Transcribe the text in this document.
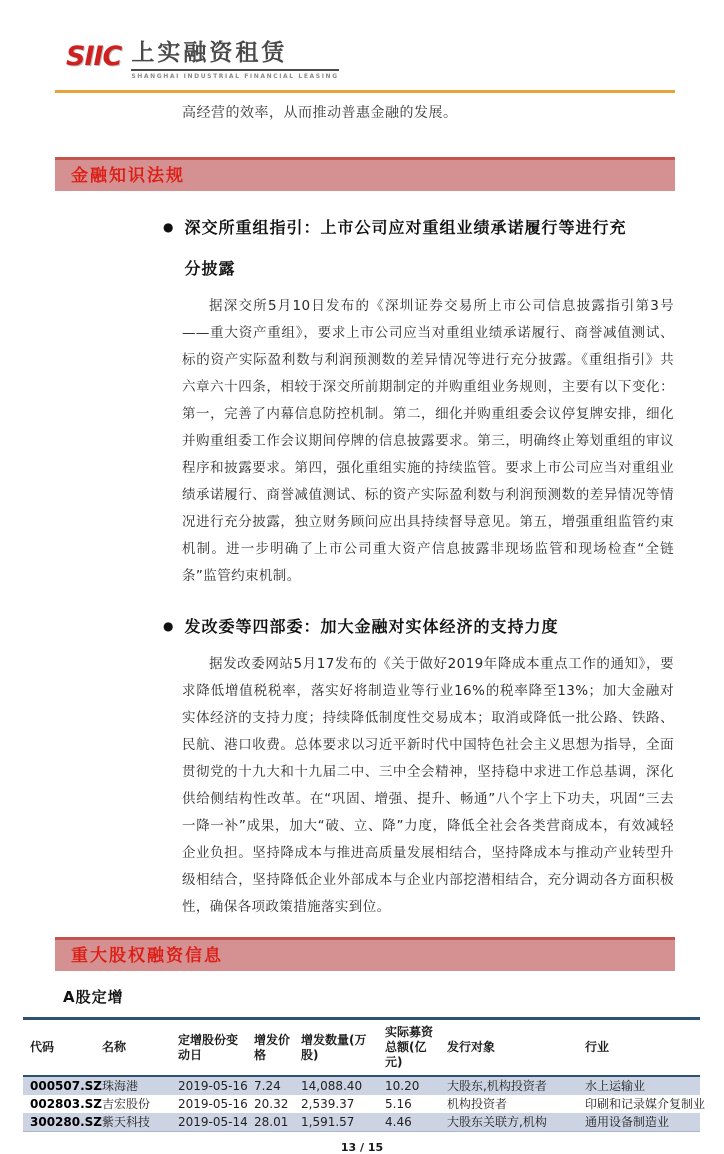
SIIC 上实融资租赁
SHANGHAI INDUSTRIAL FINANCIAL LEASING
高经营的效率，从而推动普惠金融的发展。
金融知识法规
● 深交所重组指引：上市公司应对重组业绩承诺履行等进行充分披露
据深交所5月10日发布的《深圳证券交易所上市公司信息披露指引第3号——重大资产重组》，要求上市公司应当对重组业绩承诺履行、商誉减值测试、标的资产实际盈利数与利润预测数的差异情况等进行充分披露。《重组指引》共六章六十四条，相较于深交所前期制定的并购重组业务规则，主要有以下变化：第一，完善了内幕信息防控机制。第二，细化并购重组委会议停复牌安排，细化并购重组委工作会议期间停牌的信息披露要求。第三，明确终止筹划重组的审议程序和披露要求。第四，强化重组实施的持续监管。要求上市公司应当对重组业绩承诺履行、商誉减值测试、标的资产实际盈利数与利润预测数的差异情况等情况进行充分披露，独立财务顾问应出具持续督导意见。第五，增强重组监管约束机制。进一步明确了上市公司重大资产信息披露非现场监管和现场检查“全链条”监管约束机制。
● 发改委等四部委：加大金融对实体经济的支持力度
据发改委网站5月17发布的《关于做好2019年降成本重点工作的通知》，要求降低增值税税率，落实好将制造业等行业16%的税率降至13%；加大金融对实体经济的支持力度；持续降低制度性交易成本；取消或降低一批公路、铁路、民航、港口收费。总体要求以习近平新时代中国特色社会主义思想为指导，全面贯彻党的十九大和十九届二中、三中全会精神，坚持稳中求进工作总基调，深化供给侧结构性改革。在“巩固、增强、提升、畅通”八个字上下功夫，巩固“三去一降一补”成果，加大“破、立、降”力度，降低全社会各类营商成本，有效减轻企业负担。坚持降成本与推进高质量发展相结合，坚持降成本与推动产业转型升级相结合，坚持降低企业外部成本与企业内部挖潜相结合，充分调动各方面积极性，确保各项政策措施落实到位。
重大股权融资信息
A股定增
代码	名称	定增股份变动日	增发价格	增发数量(万股)	实际募资总额(亿元)	发行对象	行业
000507.SZ	珠海港	2019-05-16	7.24	14,088.40	10.20	大股东,机构投资者	水上运输业
002803.SZ	吉宏股份	2019-05-16	20.32	2,539.37	5.16	机构投资者	印刷和记录媒介复制业
300280.SZ	紫天科技	2019-05-14	28.01	1,591.57	4.46	大股东关联方,机构	通用设备制造业
13 / 15
